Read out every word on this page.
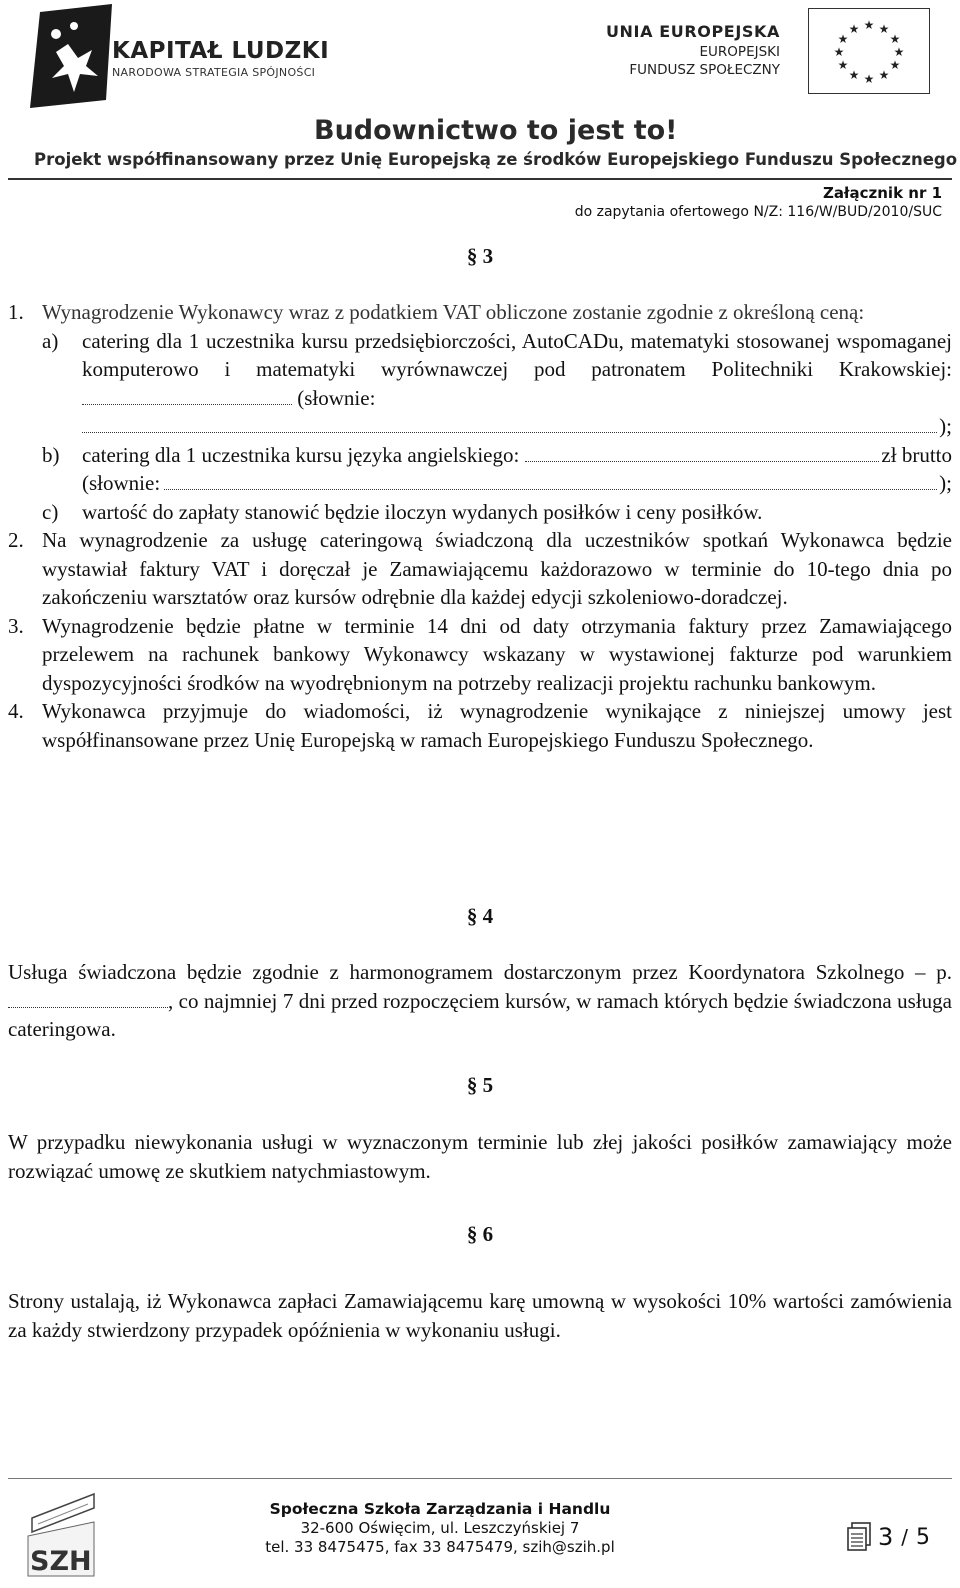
KAPITAŁ LUDZKI
NARODOWA STRATEGIA SPÓJNOŚCI
UNIA EUROPEJSKA
EUROPEJSKI
FUNDUSZ SPOŁECZNY
★ ★
★
★
★
★
★
★
★
★
★
★
Budownictwo to jest to!
Projekt współfinansowany przez Unię Europejską ze środków Europejskiego Funduszu Społecznego
Załącznik nr 1
do zapytania ofertowego N/Z: 116/W/BUD/2010/SUC
§ 3
1. Wynagrodzenie Wykonawcy wraz z podatkiem VAT obliczone zostanie zgodnie z określoną ceną:
a)	catering dla 1 uczestnika kursu przedsiębiorczości, AutoCADu, matematyki stosowanej wspomaganej komputerowo i matematyki wyrównawczej pod patronatem Politechniki Krakowskiej:  (słownie:
);
b)	catering dla 1 uczestnika kursu języka angielskiego:	zł brutto
(słownie:	);
c)	wartość do zapłaty stanowić będzie iloczyn wydanych posiłków i ceny posiłków.
2. Na wynagrodzenie za usługę cateringową świadczoną dla uczestników spotkań Wykonawca będzie wystawiał faktury VAT i doręczał je Zamawiającemu każdorazowo w terminie do 10-tego dnia po zakończeniu warsztatów oraz kursów odrębnie dla każdej edycji szkoleniowo-doradczej.
3. Wynagrodzenie będzie płatne w terminie 14 dni od daty otrzymania faktury przez Zamawiającego przelewem na rachunek bankowy Wykonawcy wskazany w wystawionej fakturze pod warunkiem dyspozycyjności środków na wyodrębnionym na potrzeby realizacji projektu rachunku bankowym.
4. Wykonawca przyjmuje do wiadomości, iż wynagrodzenie wynikające z niniejszej umowy jest współfinansowane przez Unię Europejską w ramach Europejskiego Funduszu Społecznego.
§ 4
Usługa świadczona będzie zgodnie z harmonogramem dostarczonym przez Koordynatora Szkolnego – p. , co najmniej 7 dni przed rozpoczęciem kursów, w ramach których będzie świadczona usługa cateringowa.
§ 5
W przypadku niewykonania usługi w wyznaczonym terminie lub złej jakości posiłków zamawiający może rozwiązać umowę ze skutkiem natychmiastowym.
§ 6
Strony ustalają, iż Wykonawca zapłaci Zamawiającemu karę umowną w wysokości 10% wartości zamówienia za każdy stwierdzony przypadek opóźnienia w wykonaniu usługi.
SZH
Społeczna Szkoła Zarządzania i Handlu
32-600 Oświęcim, ul. Leszczyńskiej 7
tel. 33 8475475, fax 33 8475479, szih@szih.pl	3 / 5
